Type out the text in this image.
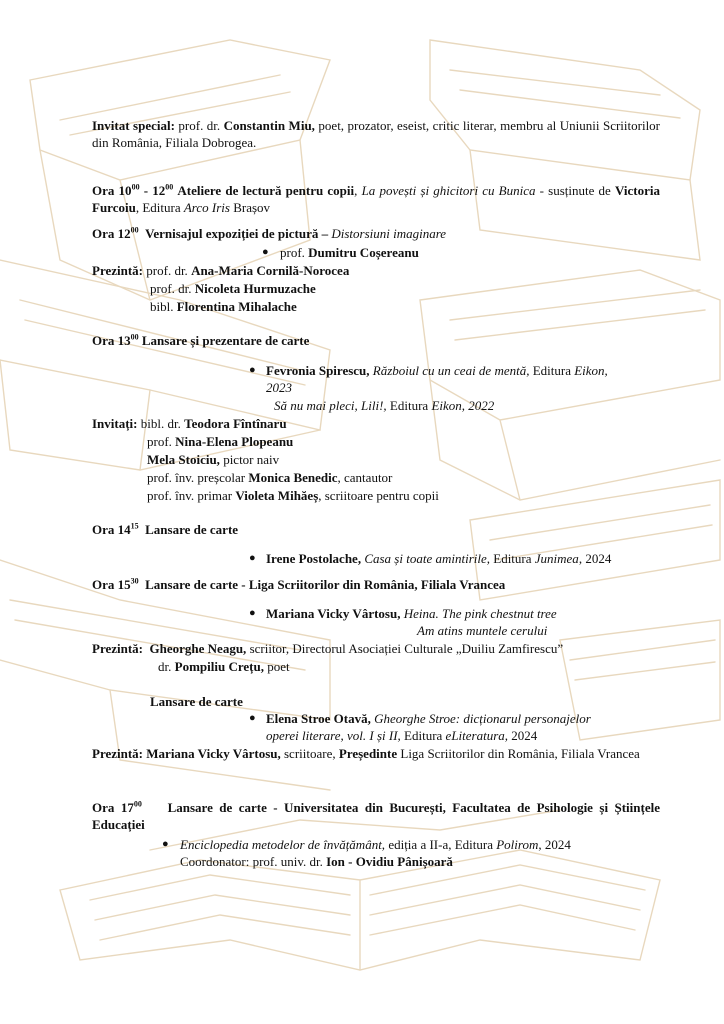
Invitat special: prof. dr. Constantin Miu, poet, prozator, eseist, critic literar, membru al Uniunii Scriitorilor din România, Filiala Dobrogea.
Ora $10^{00} - 12^{00}$ Ateliere de lectură pentru copii, La povești și ghicitori cu Bunica - susținute de Victoria Furcoiu, Editura Arco Iris Brașov
Ora $12^{00}$ Vernisajul expoziției de pictură – Distorsiuni imaginare
● prof. Dumitru Coșereanu
Prezintă: prof. dr. Ana-Maria Cornilă-Norocea
prof. dr. Nicoleta Hurmuzache
bibl. Florentina Mihalache
Ora $13^{00}$ Lansare și prezentare de carte
● Fevronia Spirescu, Războiul cu un ceai de mentă, Editura Eikon,
2023
Să nu mai pleci, Lili!, Editura Eikon, 2022
Invitați: bibl. dr. Teodora Fîntînaru
prof. Nina-Elena Plopeanu
Mela Stoiciu, pictor naiv
prof. înv. preșcolar Monica Benedic, cantautor
prof. înv. primar Violeta Mihăeș, scriitoare pentru copii
Ora $14^{15}$ Lansare de carte
● Irene Postolache, Casa și toate amintirile, Editura Junimea, 2024
Ora $15^{30}$ Lansare de carte - Liga Scriitorilor din România, Filiala Vrancea
● Mariana Vicky Vârtosu, Heina. The pink chestnut tree
Am atins muntele cerului
Prezintă: Gheorghe Neagu, scriitor, Directorul Asociației Culturale „Duiliu Zamfirescu”
dr. Pompiliu Crețu, poet
Lansare de carte
● Elena Stroe Otavă, Gheorghe Stroe: dicționarul personajelor
operei literare, vol. I și II, Editura eLiteratura, 2024
Prezintă: Mariana Vicky Vârtosu, scriitoare, Președinte Liga Scriitorilor din România, Filiala Vrancea
Ora $17^{00}$ Lansare de carte - Universitatea din București, Facultatea de Psihologie și Științele Educației
● Enciclopedia metodelor de învățământ, ediția a II-a, Editura Polirom, 2024
Coordonator: prof. univ. dr. Ion - Ovidiu Pânișoară
